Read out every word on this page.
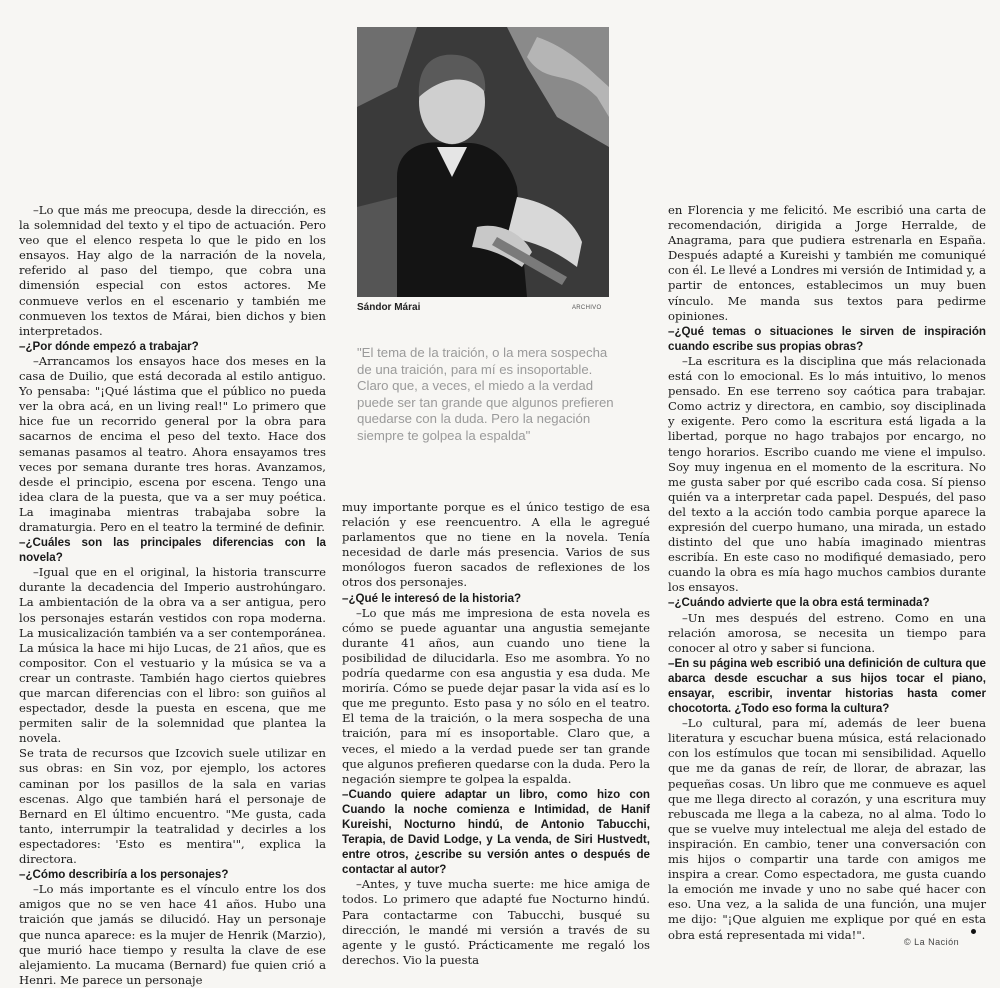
–Lo que más me preocupa, desde la dirección, es la solemnidad del texto y el tipo de actuación. Pero veo que el elenco respeta lo que le pido en los ensayos. Hay algo de la narración de la novela, referido al paso del tiempo, que cobra una dimensión especial con estos actores. Me conmueve verlos en el escenario y también me conmueven los textos de Márai, bien dichos y bien interpretados.

–¿Por dónde empezó a trabajar?

–Arrancamos los ensayos hace dos meses en la casa de Duilio, que está decorada al estilo antiguo. Yo pensaba: "¡Qué lástima que el público no pueda ver la obra acá, en un living real!" Lo primero que hice fue un recorrido general por la obra para sacarnos de encima el peso del texto. Hace dos semanas pasamos al teatro. Ahora ensayamos tres veces por semana durante tres horas. Avanzamos, desde el principio, escena por escena. Tengo una idea clara de la puesta, que va a ser muy poética. La imaginaba mientras trabajaba sobre la dramaturgia. Pero en el teatro la terminé de definir.

–¿Cuáles son las principales diferencias con la novela?

–Igual que en el original, la historia transcurre durante la decadencia del Imperio austrohúngaro. La ambientación de la obra va a ser antigua, pero los personajes estarán vestidos con ropa moderna. La musicalización también va a ser contemporánea. La música la hace mi hijo Lucas, de 21 años, que es compositor. Con el vestuario y la música se va a crear un contraste. También hago ciertos quiebres que marcan diferencias con el libro: son guiños al espectador, desde la puesta en escena, que me permiten salir de la solemnidad que plantea la novela.

Se trata de recursos que Izcovich suele utilizar en sus obras: en Sin voz, por ejemplo, los actores caminan por los pasillos de la sala en varias escenas. Algo que también hará el personaje de Bernard en El último encuentro. "Me gusta, cada tanto, interrumpir la teatralidad y decirles a los espectadores: 'Esto es mentira'", explica la directora.

–¿Cómo describiría a los personajes?

–Lo más importante es el vínculo entre los dos amigos que no se ven hace 41 años. Hubo una traición que jamás se dilucidó. Hay un personaje que nunca aparece: es la mujer de Henrik (Marzio), que murió hace tiempo y resulta la clave de ese alejamiento. La mucama (Bernard) fue quien crió a Henri. Me parece un personaje

Sándor Márai	ARCHIVO
"El tema de la traición, o la mera sospecha de una traición, para mí es insoportable. Claro que, a veces, el miedo a la verdad puede ser tan grande que algunos prefieren quedarse con la duda. Pero la negación siempre te golpea la espalda"

muy importante porque es el único testigo de esa relación y ese reencuentro. A ella le agregué parlamentos que no tiene en la novela. Tenía necesidad de darle más presencia. Varios de sus monólogos fueron sacados de reflexiones de los otros dos personajes.

–¿Qué le interesó de la historia?

–Lo que más me impresiona de esta novela es cómo se puede aguantar una angustia semejante durante 41 años, aun cuando uno tiene la posibilidad de dilucidarla. Eso me asombra. Yo no podría quedarme con esa angustia y esa duda. Me moriría. Cómo se puede dejar pasar la vida así es lo que me pregunto. Esto pasa y no sólo en el teatro. El tema de la traición, o la mera sospecha de una traición, para mí es insoportable. Claro que, a veces, el miedo a la verdad puede ser tan grande que algunos prefieren quedarse con la duda. Pero la negación siempre te golpea la espalda.

–Cuando quiere adaptar un libro, como hizo con Cuando la noche comienza e Intimidad, de Hanif Kureishi, Nocturno hindú, de Antonio Tabucchi, Terapia, de David Lodge, y La venda, de Siri Hustvedt, entre otros, ¿escribe su versión antes o después de contactar al autor?

–Antes, y tuve mucha suerte: me hice amiga de todos. Lo primero que adapté fue Nocturno hindú. Para contactarme con Tabucchi, busqué su dirección, le mandé mi versión a través de su agente y le gustó. Prácticamente me regaló los derechos. Vio la puesta

en Florencia y me felicitó. Me escribió una carta de recomendación, dirigida a Jorge Herralde, de Anagrama, para que pudiera estrenarla en España. Después adapté a Kureishi y también me comuniqué con él. Le llevé a Londres mi versión de Intimidad y, a partir de entonces, establecimos un muy buen vínculo. Me manda sus textos para pedirme opiniones.

–¿Qué temas o situaciones le sirven de inspiración cuando escribe sus propias obras?

–La escritura es la disciplina que más relacionada está con lo emocional. Es lo más intuitivo, lo menos pensado. En ese terreno soy caótica para trabajar. Como actriz y directora, en cambio, soy disciplinada y exigente. Pero como la escritura está ligada a la libertad, porque no hago trabajos por encargo, no tengo horarios. Escribo cuando me viene el impulso. Soy muy ingenua en el momento de la escritura. No me gusta saber por qué escribo cada cosa. Sí pienso quién va a interpretar cada papel. Después, del paso del texto a la acción todo cambia porque aparece la expresión del cuerpo humano, una mirada, un estado distinto del que uno había imaginado mientras escribía. En este caso no modifiqué demasiado, pero cuando la obra es mía hago muchos cambios durante los ensayos.

–¿Cuándo advierte que la obra está terminada?

–Un mes después del estreno. Como en una relación amorosa, se necesita un tiempo para conocer al otro y saber si funciona.

–En su página web escribió una definición de cultura que abarca desde escuchar a sus hijos tocar el piano, ensayar, escribir, inventar historias hasta comer chocotorta. ¿Todo eso forma la cultura?

–Lo cultural, para mí, además de leer buena literatura y escuchar buena música, está relacionado con los estímulos que tocan mi sensibilidad. Aquello que me da ganas de reír, de llorar, de abrazar, las pequeñas cosas. Un libro que me conmueve es aquel que me llega directo al corazón, y una escritura muy rebuscada me llega a la cabeza, no al alma. Todo lo que se vuelve muy intelectual me aleja del estado de inspiración. En cambio, tener una conversación con mis hijos o compartir una tarde con amigos me inspira a crear. Como espectadora, me gusta cuando la emoción me invade y uno no sabe qué hacer con eso. Una vez, a la salida de una función, una mujer me dijo: "¡Que alguien me explique por qué en esta obra está representada mi vida!".

© La Nación
